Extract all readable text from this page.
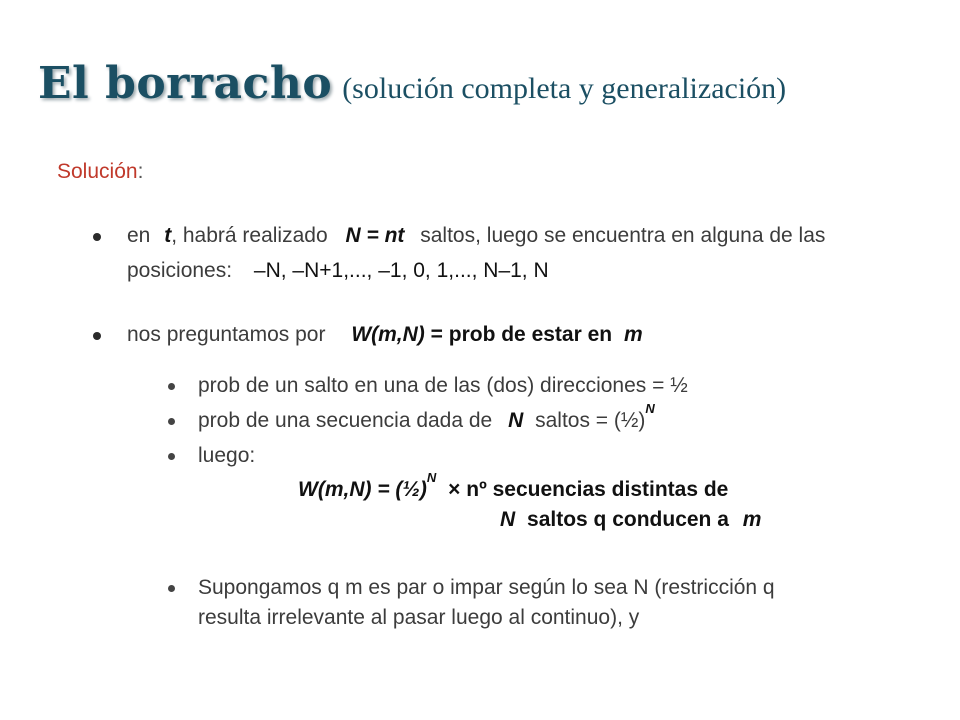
El borracho (solución completa y generalización)
Solución:
en t, habrá realizado N = nt saltos, luego se encuentra en alguna de las
posiciones: –N, –N+1,..., –1, 0, 1,..., N–1, N
nos preguntamos por W(m,N) = prob de estar en m
prob de un salto en una de las (dos) direcciones = ½
prob de una secuencia dada de N saltos = (½)$^N$
luego:
W(m,N) = (½)$^N$ × nº secuencias distintas de
N saltos q conducen a m
Supongamos q m es par o impar según lo sea N (restricción q
resulta irrelevante al pasar luego al continuo), y
